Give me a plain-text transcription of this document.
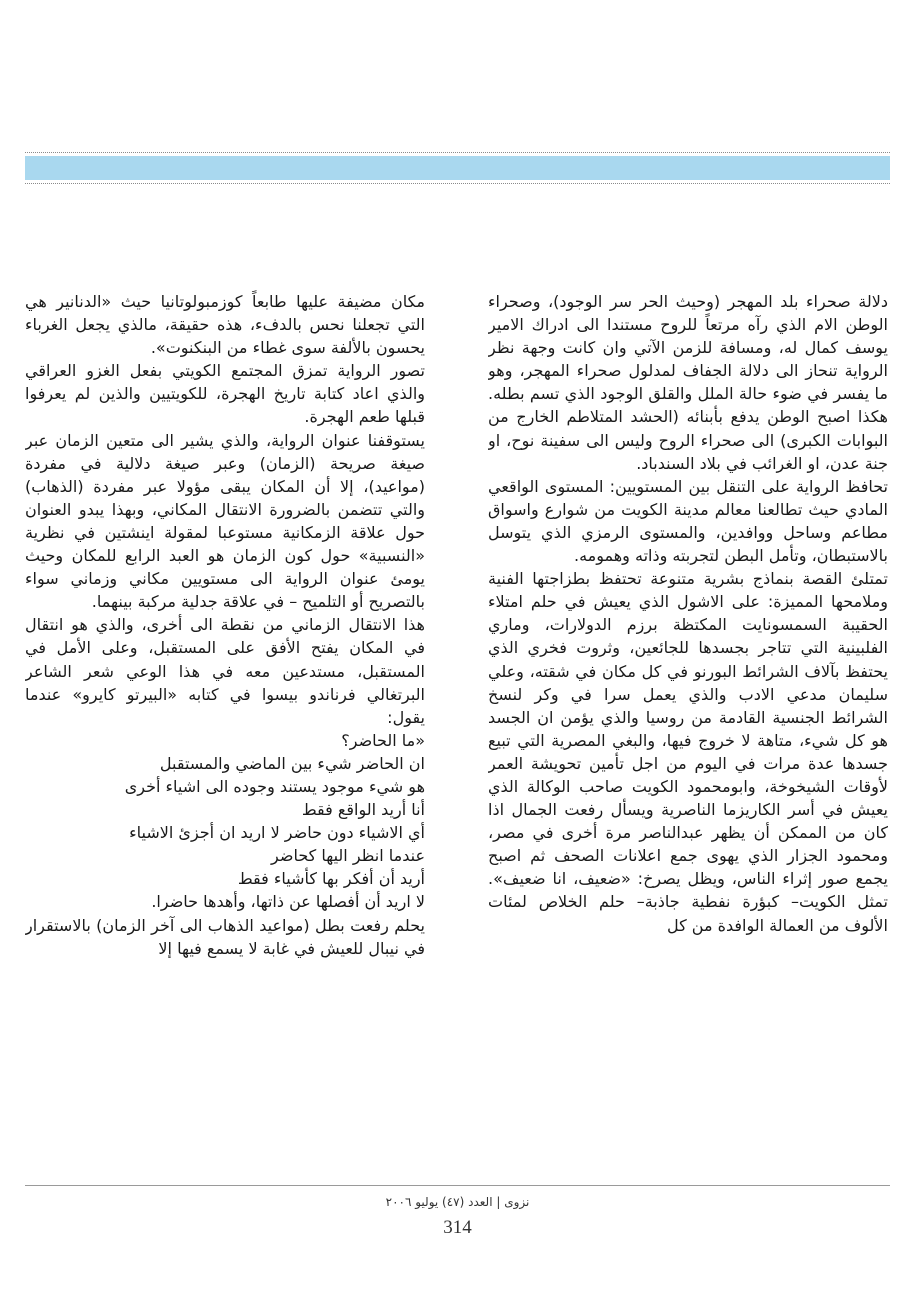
دلالة صحراء بلد المهجر (وحيث الحر سر الوجود)، وصحراء الوطن الام الذي رآه مرتعاً للروح مستندا الى ادراك الامير يوسف كمال له، ومسافة للزمن الآتي وان كانت وجهة نظر الرواية تنحاز الى دلالة الجفاف لمدلول صحراء المهجر، وهو ما يفسر في ضوء حالة الملل والقلق الوجود الذي تسم بطله. هكذا اصبح الوطن يدفع بأبنائه (الحشد المتلاطم الخارج من البوابات الكبرى) الى صحراء الروح وليس الى سفينة نوح، او جنة عدن، او الغرائب في بلاد السندباد.

تحافظ الرواية على التنقل بين المستويين: المستوى الواقعي المادي حيث تطالعنا معالم مدينة الكويت من شوارع واسواق مطاعم وساحل ووافدين، والمستوى الرمزي الذي يتوسل بالاستبطان، وتأمل البطن لتجربته وذاته وهمومه.

تمتلئ القصة بنماذج بشرية متنوعة تحتفظ بطزاجتها الفنية وملامحها المميزة: على الاشول الذي يعيش في حلم امتلاء الحقيبة السمسونايت المكتظة برزم الدولارات، وماري الفلبينية التي تتاجر بجسدها للجائعين، وثروت فخري الذي يحتفظ بآلاف الشرائط البورنو في كل مكان في شقته، وعلي سليمان مدعي الادب والذي يعمل سرا في وكر لنسخ الشرائط الجنسية القادمة من روسيا والذي يؤمن ان الجسد هو كل شيء، متاهة لا خروج فيها، والبغي المصرية التي تبيع جسدها عدة مرات في اليوم من اجل تأمين تحويشة العمر لأوقات الشيخوخة، وابومحمود الكويت صاحب الوكالة الذي يعيش في أسر الكاريزما الناصرية ويسأل رفعت الجمال اذا كان من الممكن أن يظهر عبدالناصر مرة أخرى في مصر، ومحمود الجزار الذي يهوى جمع اعلانات الصحف ثم اصبح يجمع صور إثراء الناس، ويظل يصرخ: «ضعيف، انا ضعيف». تمثل الكويت– كبؤرة نفطية جاذبة– حلم الخلاص لمئات الألوف من العمالة الوافدة من كل

مكان مضيفة عليها طابعاً كوزمبولوتانيا حيث «الدنانير هي التي تجعلنا نحس بالدفء، هذه حقيقة، مالذي يجعل الغرباء يحسون بالألفة سوى غطاء من البنكنوت».

تصور الرواية تمزق المجتمع الكويتي بفعل الغزو العراقي والذي اعاد كتابة تاريخ الهجرة، للكويتيين والذين لم يعرفوا قبلها طعم الهجرة.

يستوقفنا عنوان الرواية، والذي يشير الى متعين الزمان عبر صيغة صريحة (الزمان) وعبر صيغة دلالية في مفردة (مواعيد)، إلا أن المكان يبقى مؤولا عبر مفردة (الذهاب) والتي تتضمن بالضرورة الانتقال المكاني، وبهذا يبدو العنوان حول علاقة الزمكانية مستوعبا لمقولة اينشتين في نظرية «النسبية» حول كون الزمان هو العبد الرابع للمكان وحيث يومئ عنوان الرواية الى مستويين مكاني وزماني سواء بالتصريح أو التلميح – في علاقة جدلية مركبة بينهما.

هذا الانتقال الزماني من نقطة الى أخرى، والذي هو انتقال في المكان يفتح الأفق على المستقبل، وعلى الأمل في المستقبل، مستدعين معه في هذا الوعي شعر الشاعر البرتغالي فرناندو بيسوا في كتابه «البيرتو كايرو» عندما يقول:

«ما الحاضر؟

ان الحاضر شيء بين الماضي والمستقبل

هو شيء موجود يستند وجوده الى اشياء أخرى

أنا أريد الواقع فقط

أي الاشياء دون حاضر لا اريد ان أجزئ الاشياء

عندما انظر اليها كحاضر

أريد أن أفكر بها كأشياء فقط

لا اريد أن أفصلها عن ذاتها، وأهدها حاضرا.

يحلم رفعت بطل (مواعيد الذهاب الى آخر الزمان) بالاستقرار في نيبال للعيش في غابة لا يسمع فيها إلا

نزوى | العدد (٤٧) يوليو ٢٠٠٦
314
